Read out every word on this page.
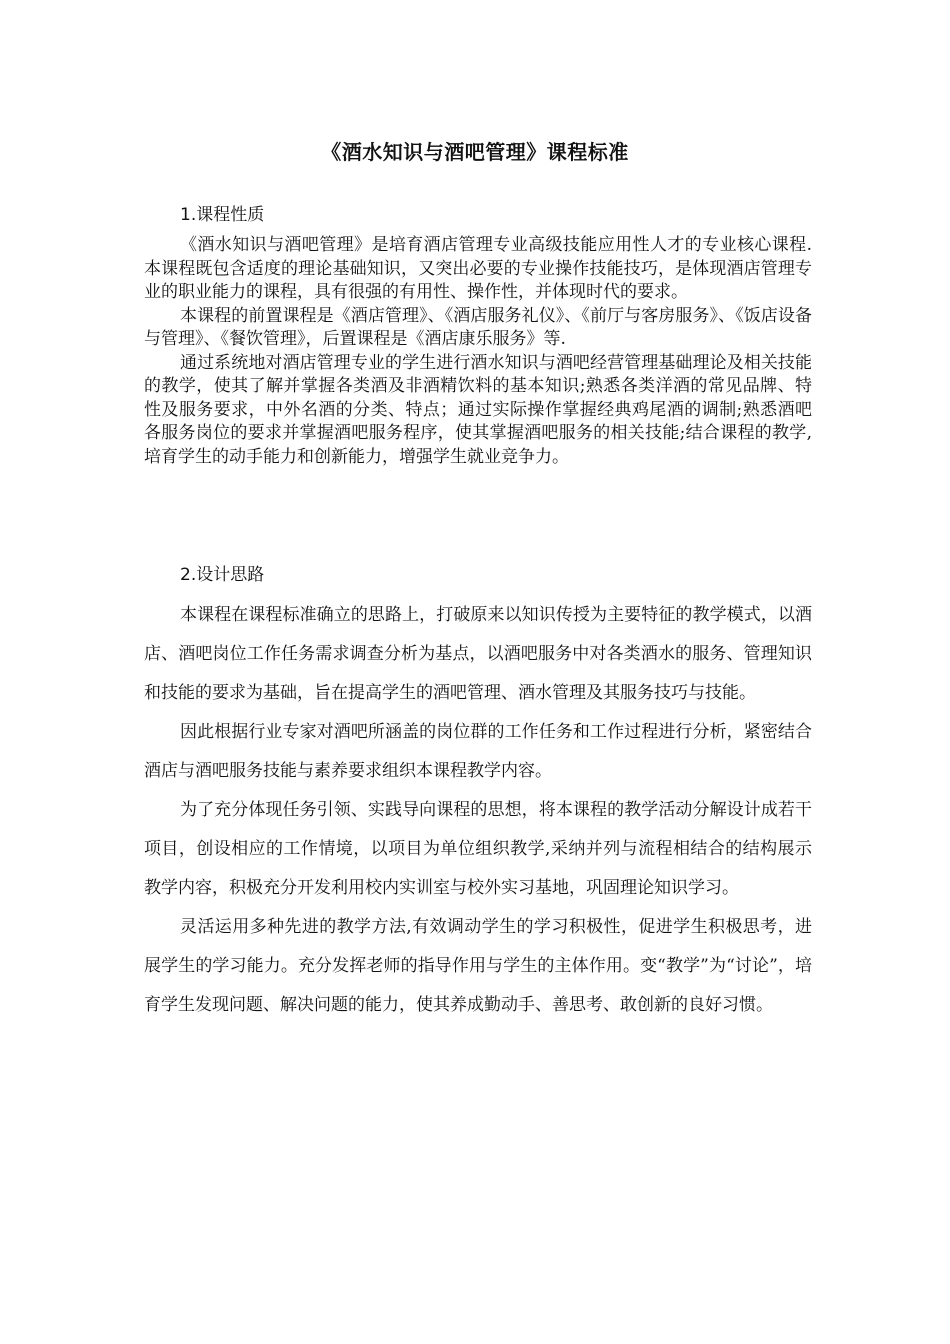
《酒水知识与酒吧管理》课程标准
1.课程性质

《酒水知识与酒吧管理》是培育酒店管理专业高级技能应用性人才的专业核心课程.本课程既包含适度的理论基础知识，又突出必要的专业操作技能技巧，是体现酒店管理专业的职业能力的课程，具有很强的有用性、操作性，并体现时代的要求。

本课程的前置课程是《酒店管理》、《酒店服务礼仪》、《前厅与客房服务》、《饭店设备与管理》、《餐饮管理》，后置课程是《酒店康乐服务》等.

通过系统地对酒店管理专业的学生进行酒水知识与酒吧经营管理基础理论及相关技能的教学，使其了解并掌握各类酒及非酒精饮料的基本知识;熟悉各类洋酒的常见品牌、特性及服务要求，中外名酒的分类、特点；通过实际操作掌握经典鸡尾酒的调制;熟悉酒吧各服务岗位的要求并掌握酒吧服务程序，使其掌握酒吧服务的相关技能;结合课程的教学,培育学生的动手能力和创新能力，增强学生就业竞争力。

2.设计思路

本课程在课程标准确立的思路上，打破原来以知识传授为主要特征的教学模式，以酒店、酒吧岗位工作任务需求调查分析为基点，以酒吧服务中对各类酒水的服务、管理知识和技能的要求为基础，旨在提高学生的酒吧管理、酒水管理及其服务技巧与技能。

因此根据行业专家对酒吧所涵盖的岗位群的工作任务和工作过程进行分析，紧密结合酒店与酒吧服务技能与素养要求组织本课程教学内容。

为了充分体现任务引领、实践导向课程的思想，将本课程的教学活动分解设计成若干项目，创设相应的工作情境，以项目为单位组织教学,采纳并列与流程相结合的结构展示教学内容，积极充分开发利用校内实训室与校外实习基地，巩固理论知识学习。

灵活运用多种先进的教学方法,有效调动学生的学习积极性，促进学生积极思考，进展学生的学习能力。充分发挥老师的指导作用与学生的主体作用。变“教学”为“讨论”，培育学生发现问题、解决问题的能力，使其养成勤动手、善思考、敢创新的良好习惯。
